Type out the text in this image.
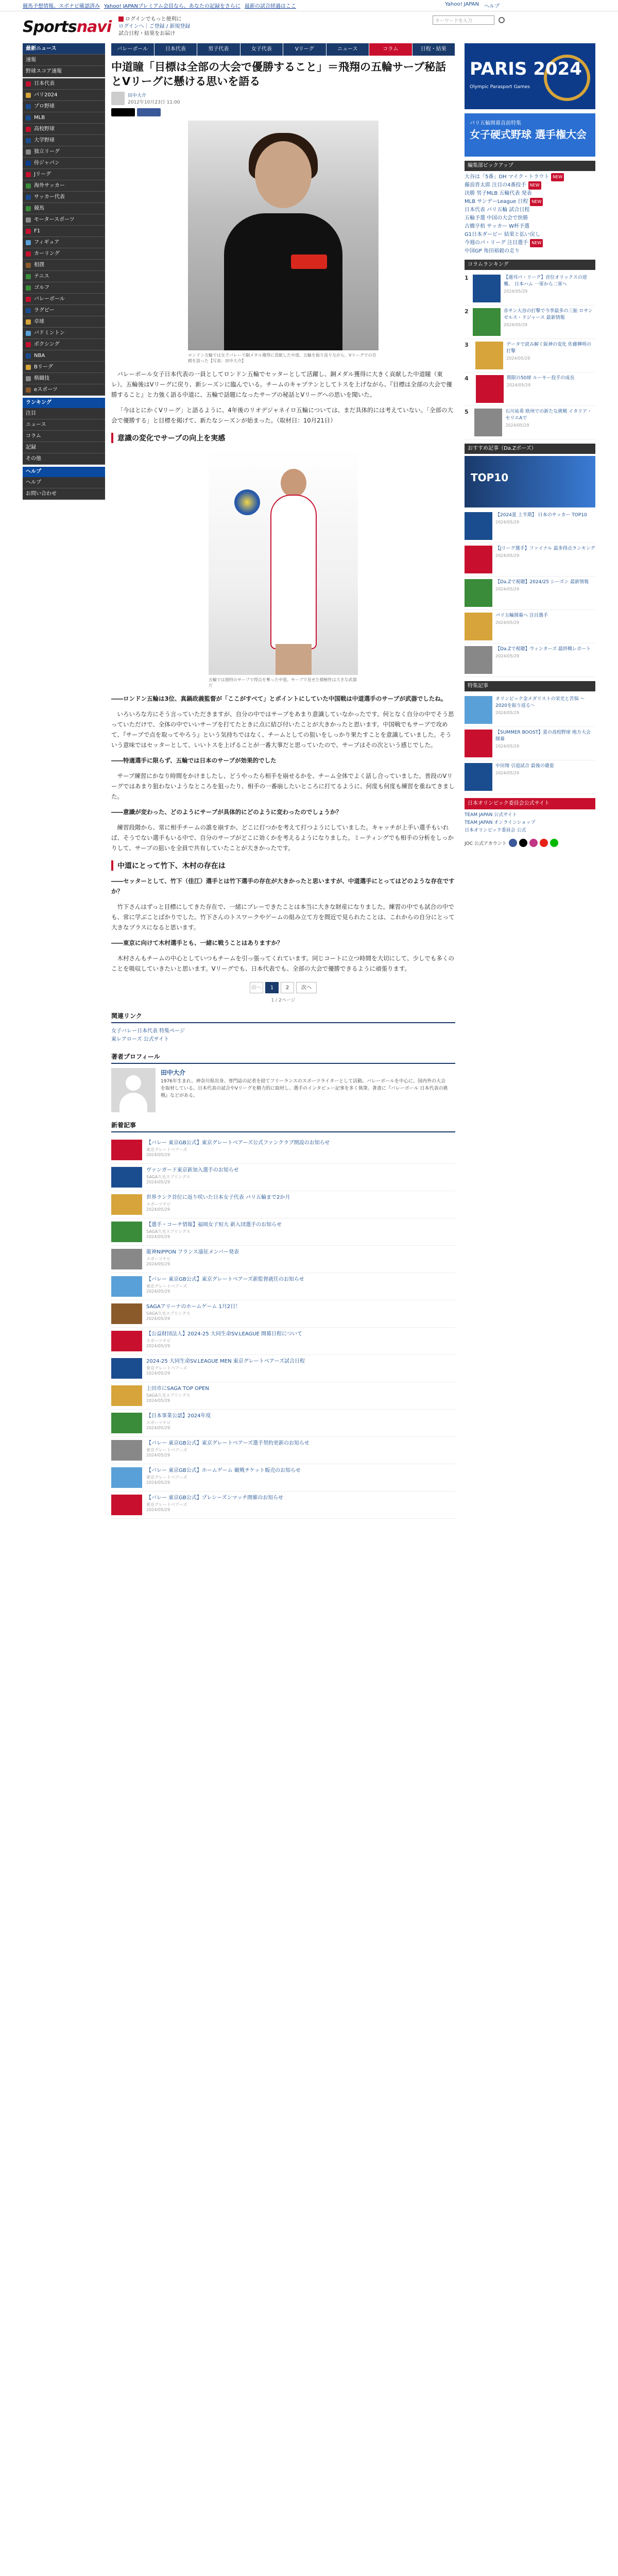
競馬予想情報。スポナビ確認済み Yahoo! JAPANプレミアム会員なら、あなたの記録をさらに 最新の試合経過はここ	Yahoo! JAPAN ヘルプ
Sportsnavi	ログインでもっと便利に
ログインへ｜ご登録 / 新規登録
試合日程・結果をお届け
キーワードを入力
最新ニュース
速報
野球スコア速報
日本代表
パリ2024
プロ野球
MLB
高校野球
大学野球
独立リーグ
侍ジャパン
Jリーグ
海外サッカー
サッカー代表
競馬
モータースポーツ
F1
フィギュア
カーリング
相撲
テニス
ゴルフ
バレーボール
ラグビー
卓球
バドミントン
ボクシング
NBA
Bリーグ
格闘技
eスポーツ
ランキング
注目
ニュース
コラム
記録
その他
ヘルプ
ヘルプ
お問い合わせ
バレーボール	日本代表	男子代表	女子代表	Vリーグ	ニュース	コラム	日程・結果
中道瞳「目標は全部の大会で優勝すること」＝飛翔の五輪サーブ秘話とVリーグに懸ける思いを語る
田中大介
2012年10月23日 11:00
ロンドン五輪では女子バレーで銅メダル獲得に貢献した中道。五輪を振り返りながら、Vリーグでの目標を語った【写真：田中大介】

バレーボール女子日本代表の一員としてロンドン五輪でセッターとして活躍し、銅メダル獲得に大きく貢献した中道瞳（東レ）。五輪後はVリーグに戻り、新シーズンに臨んでいる。チームのキャプテンとしてトスを上げながら、『目標は全部の大会で優勝すること』と力強く語る中道に、五輪で話題になったサーブの秘話とVリーグへの思いを聞いた。

「今はとにかくVリーグ」と語るように、4年後のリオデジャネイロ五輪については、まだ具体的には考えていない。「全部の大会で優勝する」と目標を掲げて、新たなシーズンが始まった。（取材日：10月21日）

意識の変化でサーブの向上を実感
五輪では独特のサーブで得点を奪った中道。サーブで見せた積極性は大きな武器だ

――ロンドン五輪は3位、真鍋政義監督が「ここがすべて」とポイントにしていた中国戦は中道選手のサーブが武器でしたね。

いろいろな方にそう言っていただきますが、自分の中ではサーブをあまり意識していなかったです。何となく自分の中でそう思っていただけで、全体の中でいいサーブを打てたときに点に結び付いたことが大きかったと思います。中国戦でもサーブで攻めて、『サーブで点を取ってやろう』という気持ちではなく、チームとしての狙いをしっかり果たすことを意識していました。そういう意味ではセッターとして、いいトスを上げることが一番大事だと思っていたので、サーブはその次という感じでした。

――特適選手に限らず、五輪では日本のサーブが効果的でした

サーブ練習にかなり時間をかけましたし、どうやったら相手を崩せるかを、チーム全体でよく話し合っていました。普段のVリーグではあまり狙わないようなところを狙ったり、相手の一番崩したいところに打てるように、何度も何度も練習を重ねてきました。

――意識が変わった、どのようにサーブが具体的にどのように変わったのでしょうか？

練習段階から、常に相手チームの誰を崩すか、どこに打つかを考えて打つようにしていました。キャッチが上手い選手もいれば、そうでない選手もいる中で、自分のサーブがどこに効くかを考えるようになりました。ミーティングでも相手の分析をしっかりして、サーブの狙いを全員で共有していたことが大きかったです。

中道にとって竹下、木村の存在は

――セッターとして、竹下（佳江）選手とは竹下選手の存在が大きかったと思いますが、中道選手にとってはどのような存在ですか？

竹下さんはずっと目標にしてきた存在で、一緒にプレーできたことは本当に大きな財産になりました。練習の中でも試合の中でも、常に学ぶことばかりでした。竹下さんのトスワークやゲームの組み立て方を間近で見られたことは、これからの自分にとって大きなプラスになると思います。

――東京に向けて木村選手とも、一緒に戦うことはありますか？

木村さんもチームの中心としていつもチームを引っ張ってくれています。同じコートに立つ時間を大切にして、少しでも多くのことを吸収していきたいと思います。Vリーグでも、日本代表でも、全部の大会で優勝できるように頑張ります。

前へ	1	2	次へ
1 / 2ページ
関連リンク
女子バレー日本代表 特集ページ
東レアローズ 公式サイト
著者プロフィール
田中大介
1976年生まれ。神奈川県出身。専門誌の記者を経てフリーランスのスポーツライターとして活動。バレーボールを中心に、国内外の大会を取材している。日本代表の試合やVリーグを精力的に取材し、選手のインタビュー記事を多く執筆。著書に『バレーボール 日本代表の挑戦』などがある。
新着記事
【バレー 東京GB公式】東京グレートベアーズ公式ファンクラブ開設のお知らせ
東京グレートベアーズ
2024/05/29
ヴァンガード東京新加入選手のお知らせ
SAGA久光スプリングス
2024/05/29
世界ランク首位に返り咲いた日本女子代表 パリ五輪まで2か月
スポーツナビ
2024/05/29
【選手・コーチ情報】福岡女子短大 新入団選手のお知らせ
SAGA久光スプリングス
2024/05/29
龍神NIPPON フランス遠征メンバー発表
スポーツナビ
2024/05/29
【バレー 東京GB公式】東京グレートベアーズ新監督就任のお知らせ
東京グレートベアーズ
2024/05/29
SAGAアリーナのホームゲーム 1月2日！
SAGA久光スプリングス
2024/05/29
【公益財団法人】2024-25 大同生命SV.LEAGUE 開幕日程について
スポーツナビ
2024/05/29
2024-25 大同生命SV.LEAGUE MEN 東京グレートベアーズ試合日程
東京グレートベアーズ
2024/05/29
上田市にSAGA TOP OPEN
SAGA久光スプリングス
2024/05/29
【日本事業公認】2024年度
スポーツナビ
2024/05/29
【バレー 東京GB公式】東京グレートベアーズ選手契約更新のお知らせ
東京グレートベアーズ
2024/05/29
【バレー 東京GB公式】ホームゲーム 観戦チケット販売のお知らせ
東京グレートベアーズ
2024/05/29
【バレー 東京GB公式】プレシーズンマッチ開催のお知らせ
東京グレートベアーズ
2024/05/29
PARIS 2024
Olympic Parasport Games
パリ五輪開幕直前特集
女子硬式野球 選手権大会
編集部ピックアップ
大谷は「5番」DH マイク・トラウト NEW
藤浪晋太郎 注目の4番投手 NEW
決勝 男子MLB 五輪代表 発表
MLB サンデーLeague 日程 NEW
日本代表 パリ五輪 試合日程
五輪予選 中国の大会で快勝
古橋亨梧 サッカー W杯予選
G1日本ダービー 結果と払い戻し
今週のパ・リーグ 注目選手 NEW
中国GP 角田裕毅の走り
コラムランキング
1	【週刊パ・リーグ】首位オリックスの逆襲、 日本ハム 一軍から二軍へ
2024/05/29
2	赤サン大谷の打撃で今季最多の三振 ロサンゼルス・ドジャース 最新情報
2024/05/29
3	データで読み解く阪神の変化 佐藤輝明の打撃
2024/05/29
4	期限の50球 ルーキー投手の成長
2024/05/29
5	石川祐希 欧州での新たな挑戦 イタリア・セリエAで
2024/05/29
おすすめ記事（Da.Zポーズ）
TOP10
【2024夏 上半期】 日本のサッカー TOP10
2024/05/29
【Jリーグ選手】ファイナル 最多得点ランキング
2024/05/29
【Da.Zで視聴】2024/25 シーズン 最新情報
2024/05/29
パリ五輪開幕へ 注目選手
2024/05/29
【Da.Zで視聴】ウィンターズ 最終戦レポート
2024/05/29
特集記事
オリンピック金メダリストの栄光と苦悩 ～2020を振り返る～
2024/05/29
【SUMMER BOOST】夏の高校野球 地方大会 開幕
2024/05/29
中田翔 引退試合 最後の雄姿
2024/05/29
日本オリンピック委員会公式サイト
TEAM JAPAN 公式サイト
TEAM JAPAN オンラインショップ
日本オリンピック委員会 公式
JOC 公式アカウント
